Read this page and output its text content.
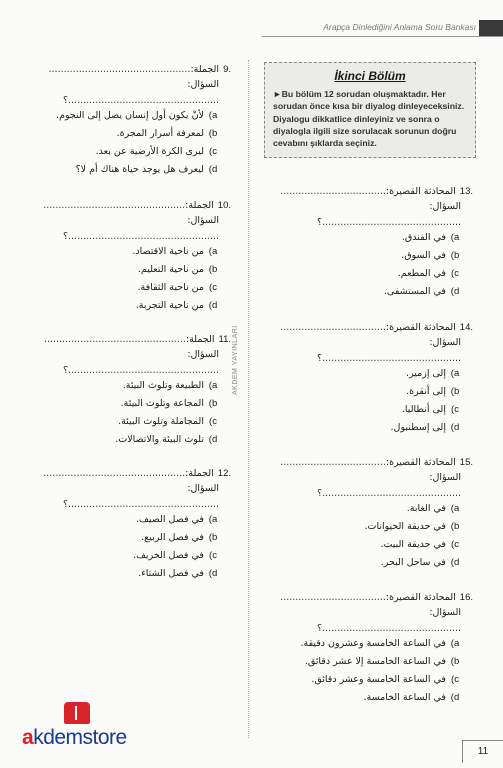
Arapça Dinlediğini Anlama Soru Bankası
AKDEM YAYINLARI
İkinci Bölüm

►Bu bölüm 12 sorudan oluşmaktadır. Her sorudan önce kısa bir diyalog dinleyeceksiniz. Diyalogu dikkatlice dinleyiniz ve sonra o diyalogla ilgili size sorulacak sorunun doğru cevabını şıklarda seçiniz.

9.الجملة:...............................................
السؤال:
..................................................؟
a) لأنْ يكون أول إنسان يصل إلى النجوم.
b) لمعرفة أسرار المجرة.
c) ليرى الكرة الأرضية عن بعد.
d) ليعرف هل يوجد حياة هناك أم لا؟
10.الجملة:...............................................
السؤال:
..................................................؟
a) من ناحية الاقتصاد.
b) من ناحية التعليم.
c) من ناحية الثقافة.
d) من ناحية التجربة.
11.الجملة:...............................................
السؤال:
..................................................؟
a) الطبيعة وتلوث البيئة.
b) المجاعة وتلوث البيئة.
c) المجاملة وتلوث البيئة.
d) تلوث البيئة والاتصالات.
12.الجملة:...............................................
السؤال:
..................................................؟
a) في فصل الصيف.
b) في فصل الربيع.
c) في فصل الخريف.
d) في فصل الشتاء.
13.المحادثة القصيرة:...................................
السؤال:
..............................................؟
a) في الفندق.
b) في السوق.
c) في المطعم.
d) في المستشفى.
14.المحادثة القصيرة:...................................
السؤال:
..............................................؟
a) إلى إزمير.
b) إلى أنقرة.
c) إلى أنطاليا.
d) إلى إسطنبول.
15.المحادثة القصيرة:...................................
السؤال:
..............................................؟
a) في الغابة.
b) في حديقة الحيوانات.
c) في حديقة البيت.
d) في ساحل البحر.
16.المحادثة القصيرة:...................................
السؤال:
..............................................؟
a) في الساعة الخامسة وعشرون دقيقة.
b) في الساعة الخامسة إلا عشر دقائق.
c) في الساعة الخامسة وعشر دقائق.
d) في الساعة الخامسة.
akdemstore
11
